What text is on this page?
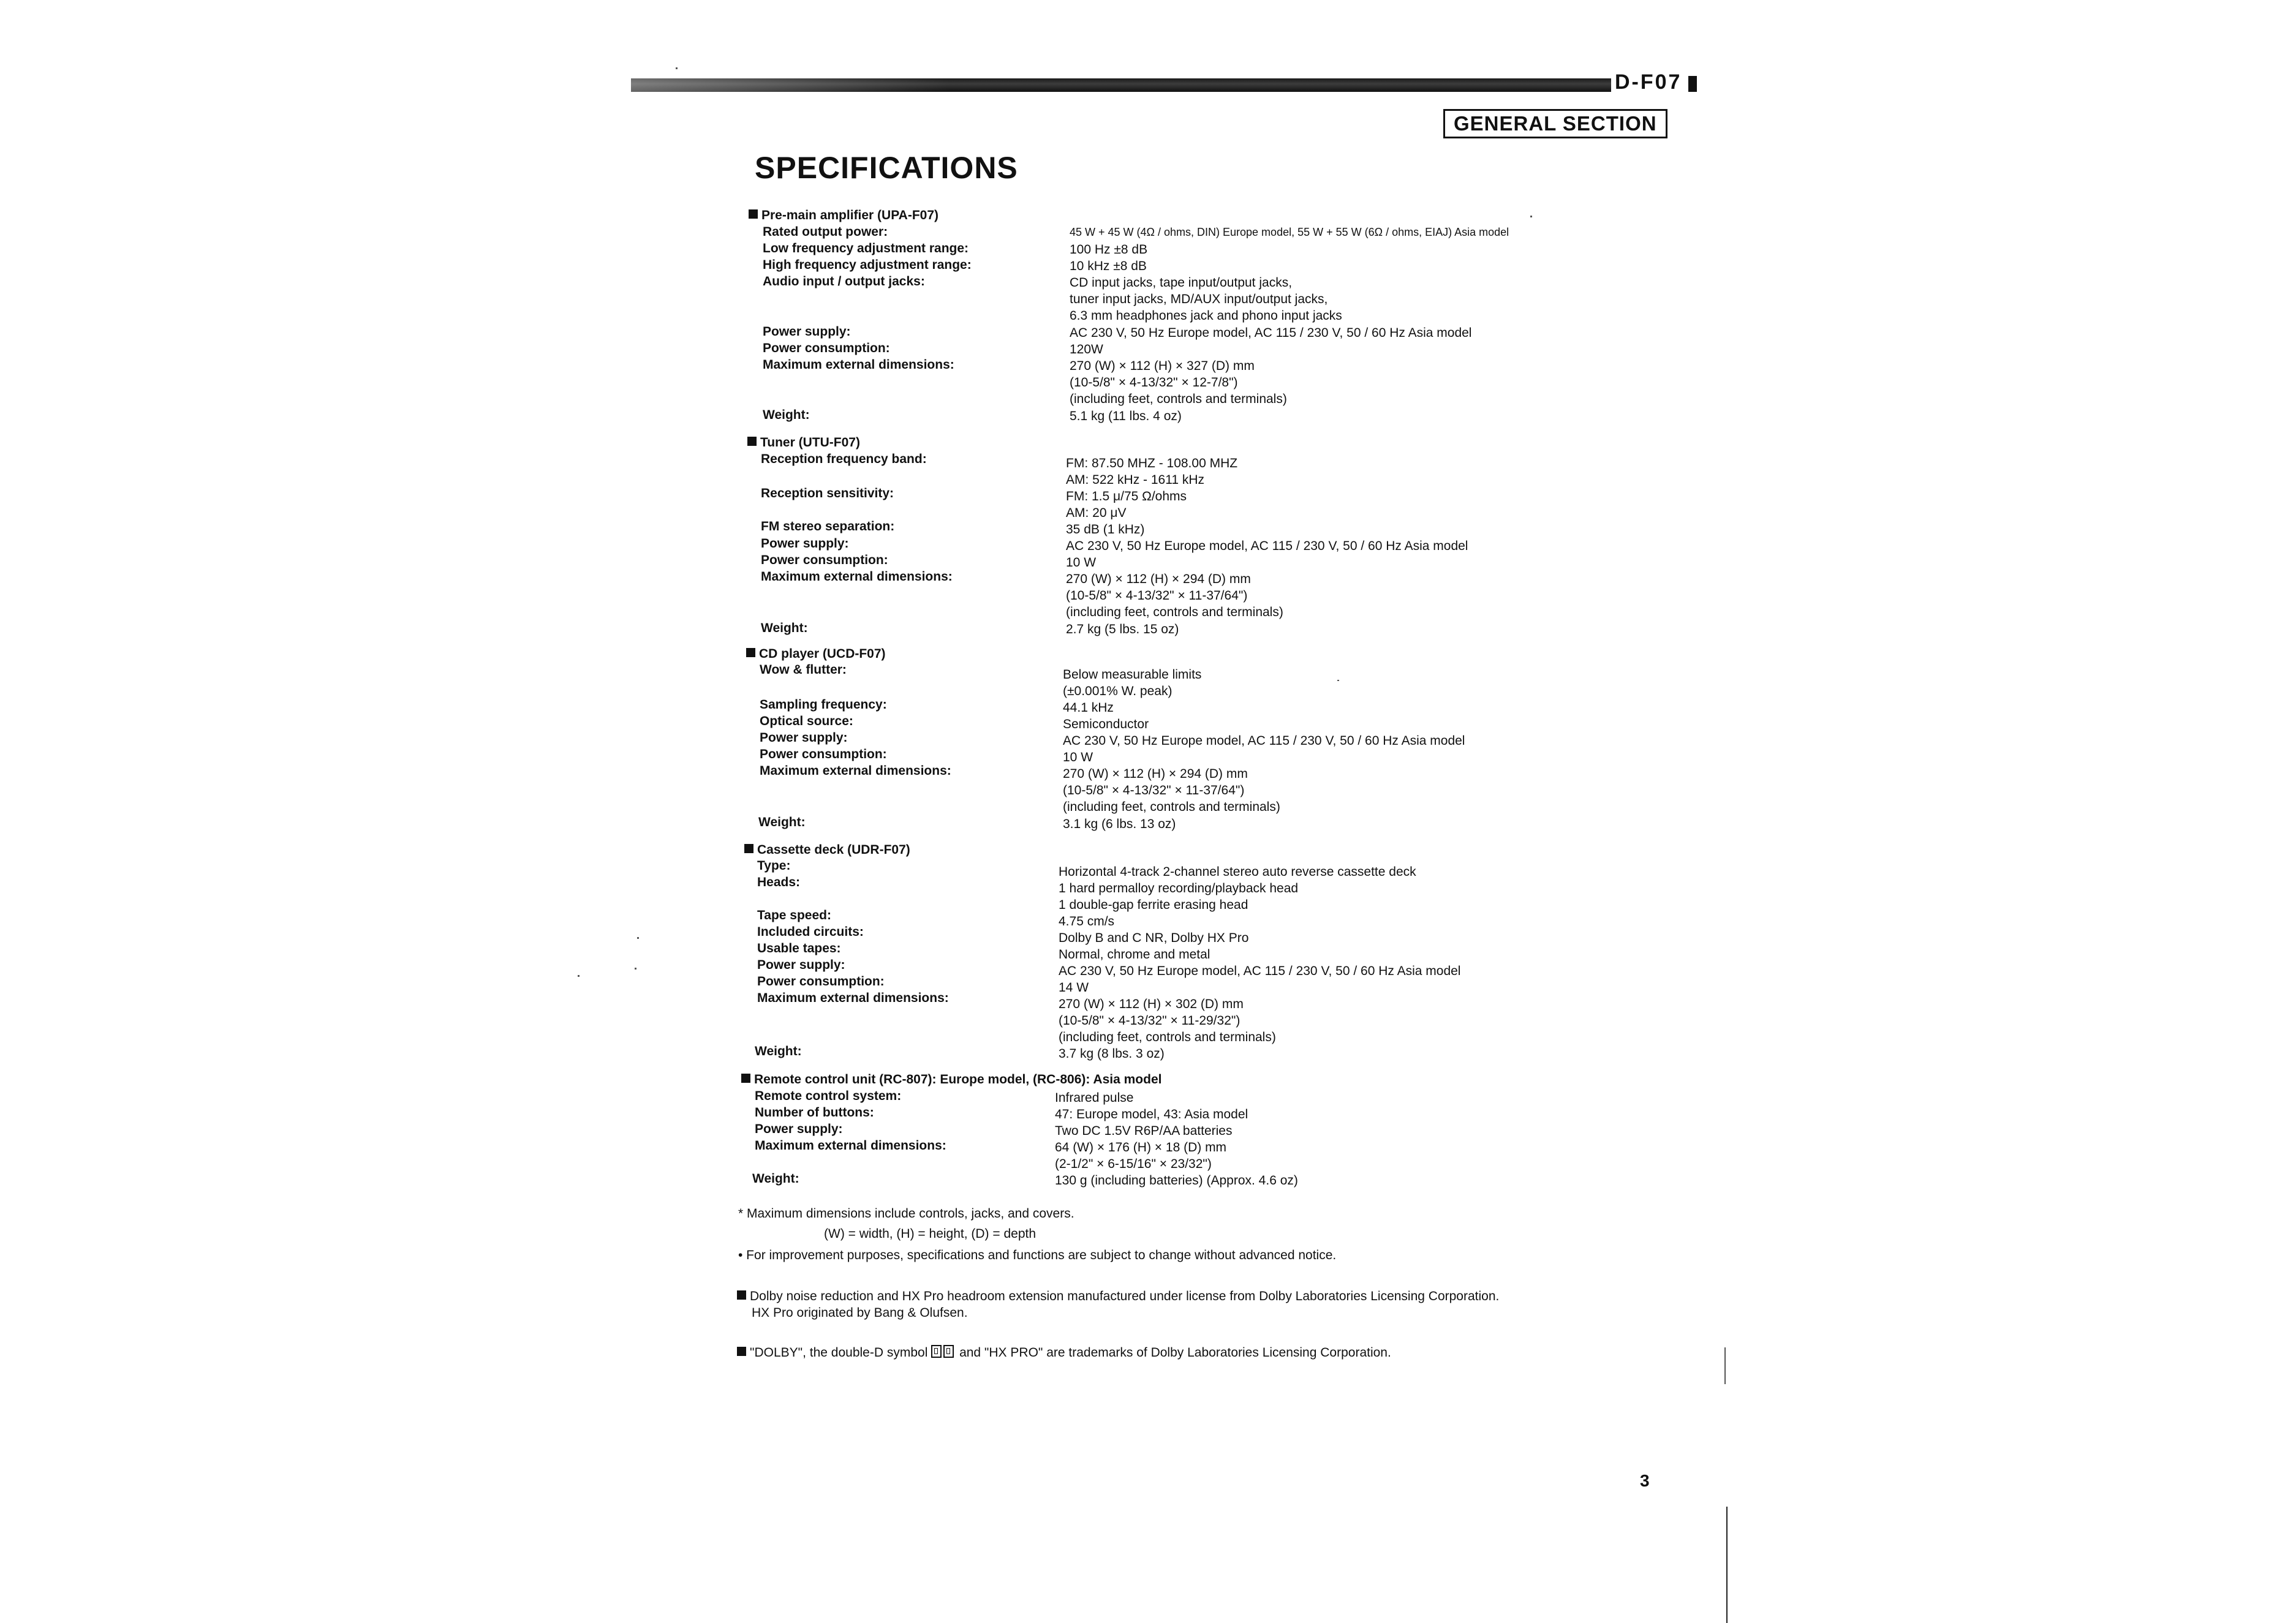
D-F07
GENERAL SECTION
SPECIFICATIONS
Pre-main amplifier (UPA-F07)
Rated output power:	45 W + 45 W (4Ω / ohms, DIN) Europe model, 55 W + 55 W (6Ω / ohms, EIAJ) Asia model
Low frequency adjustment range:	100 Hz ±8 dB
High frequency adjustment range:	10 kHz ±8 dB
Audio input / output jacks:	CD input jacks, tape input/output jacks,
tuner input jacks, MD/AUX input/output jacks,
6.3 mm headphones jack and phono input jacks
Power supply:	AC 230 V, 50 Hz Europe model, AC 115 / 230 V, 50 / 60 Hz Asia model
Power consumption:	120W
Maximum external dimensions:	270 (W) × 112 (H) × 327 (D) mm
(10-5/8" × 4-13/32" × 12-7/8")
(including feet, controls and terminals)
Weight:	5.1 kg (11 lbs. 4 oz)
Tuner (UTU-F07)
Reception frequency band:	FM: 87.50 MHZ - 108.00 MHZ
AM: 522 kHz - 1611 kHz
Reception sensitivity:	FM: 1.5 μ/75 Ω/ohms
AM: 20 μV
FM stereo separation:	35 dB (1 kHz)
Power supply:	AC 230 V, 50 Hz Europe model, AC 115 / 230 V, 50 / 60 Hz Asia model
Power consumption:	10 W
Maximum external dimensions:	270 (W) × 112 (H) × 294 (D) mm
(10-5/8" × 4-13/32" × 11-37/64")
(including feet, controls and terminals)
Weight:	2.7 kg (5 lbs. 15 oz)
CD player (UCD-F07)
Wow & flutter:	Below measurable limits
(±0.001% W. peak)
Sampling frequency:	44.1 kHz
Optical source:	Semiconductor
Power supply:	AC 230 V, 50 Hz Europe model, AC 115 / 230 V, 50 / 60 Hz Asia model
Power consumption:	10 W
Maximum external dimensions:	270 (W) × 112 (H) × 294 (D) mm
(10-5/8" × 4-13/32" × 11-37/64")
(including feet, controls and terminals)
Weight:	3.1 kg (6 lbs. 13 oz)
Cassette deck (UDR-F07)
Type:	Horizontal 4-track 2-channel stereo auto reverse cassette deck
Heads:	1 hard permalloy recording/playback head
1 double-gap ferrite erasing head
Tape speed:	4.75 cm/s
Included circuits:	Dolby B and C NR, Dolby HX Pro
Usable tapes:	Normal, chrome and metal
Power supply:	AC 230 V, 50 Hz Europe model, AC 115 / 230 V, 50 / 60 Hz Asia model
Power consumption:	14 W
Maximum external dimensions:	270 (W) × 112 (H) × 302 (D) mm
(10-5/8" × 4-13/32" × 11-29/32")
(including feet, controls and terminals)
Weight:	3.7 kg (8 lbs. 3 oz)
Remote control unit (RC-807): Europe model, (RC-806): Asia model
Remote control system:	Infrared pulse
Number of buttons:	47: Europe model, 43: Asia model
Power supply:	Two DC 1.5V R6P/AA batteries
Maximum external dimensions:	64 (W) × 176 (H) × 18 (D) mm
(2-1/2" × 6-15/16" × 23/32")
Weight:	130 g (including batteries) (Approx. 4.6 oz)
* Maximum dimensions include controls, jacks, and covers.
(W) = width, (H) = height, (D) = depth
• For improvement purposes, specifications and functions are subject to change without advanced notice.
Dolby noise reduction and HX Pro headroom extension manufactured under license from Dolby Laboratories Licensing Corporation.
HX Pro originated by Bang & Olufsen.
"DOLBY", the double-D symbol and "HX PRO" are trademarks of Dolby Laboratories Licensing Corporation.
3
